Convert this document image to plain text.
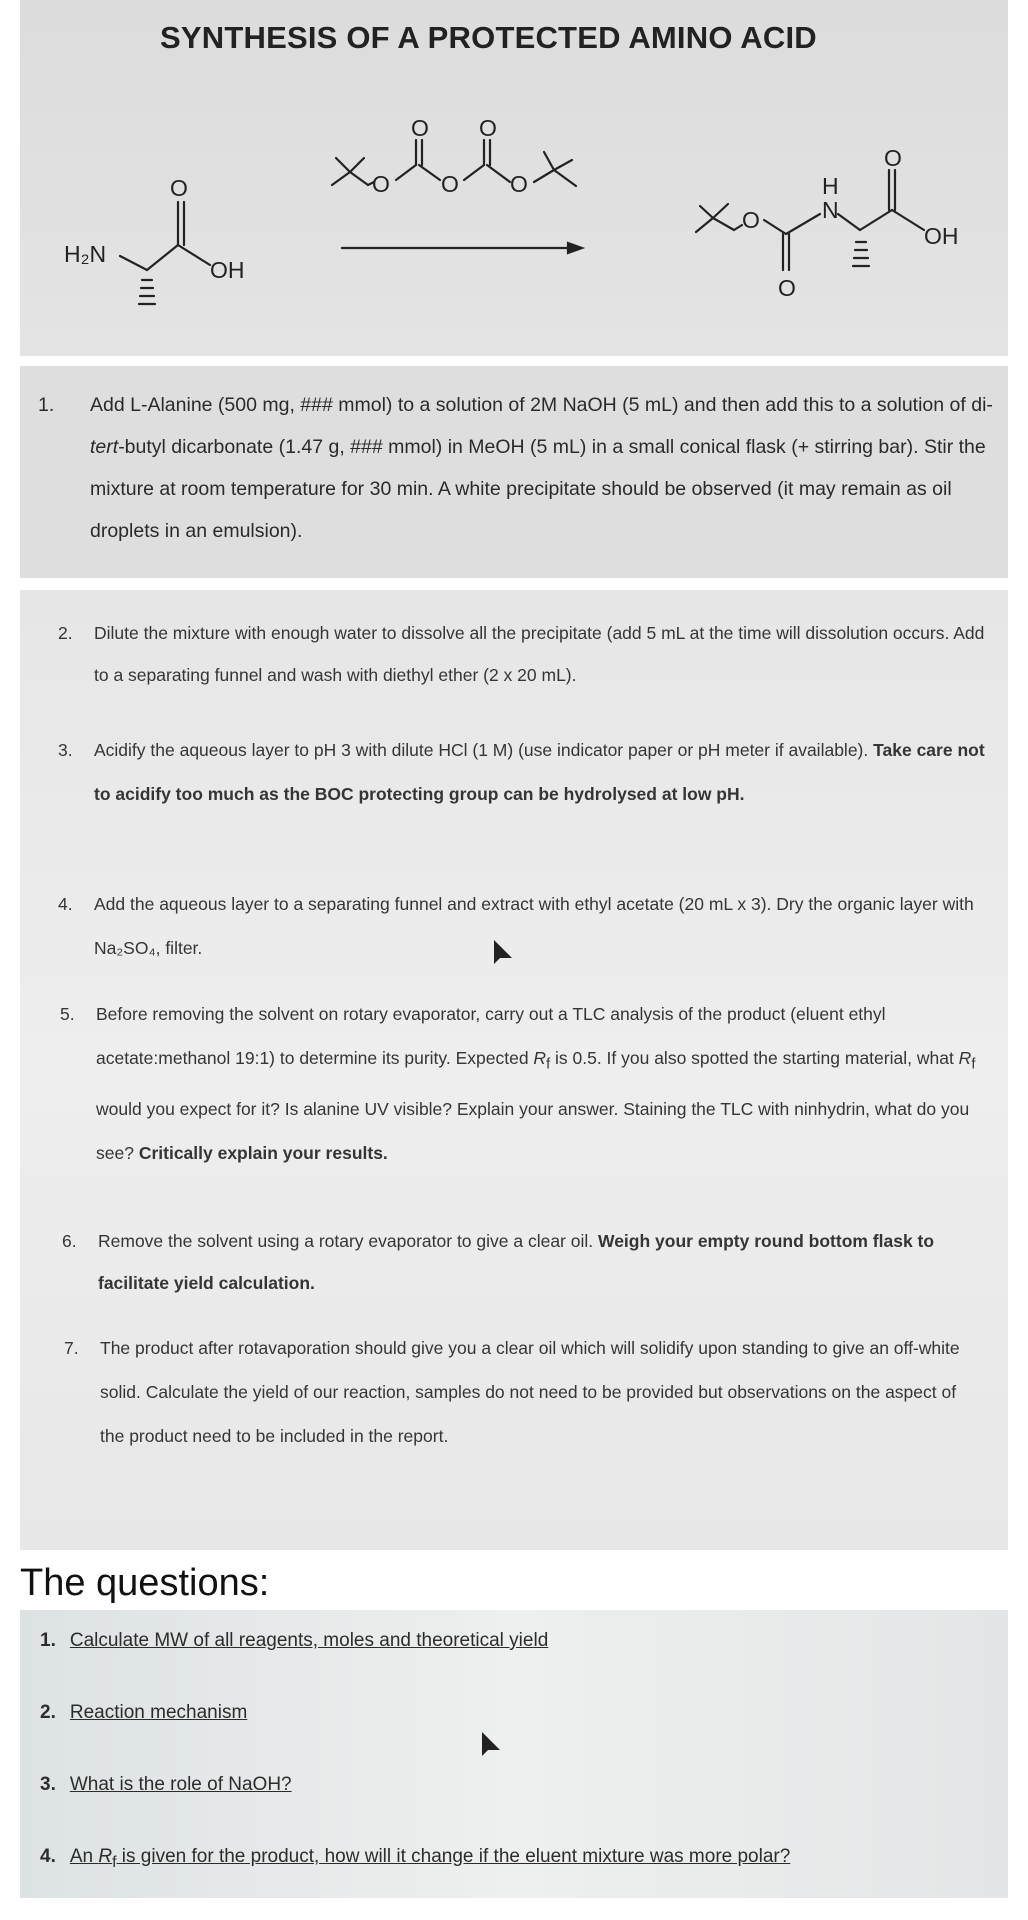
SYNTHESIS OF A PROTECTED AMINO ACID
H₂N
O
OH
O
O
O
O
O
O
O
H
N
O
OH
1.	Add L-Alanine (500 mg, ### mmol) to a solution of 2M NaOH (5 mL) and then add this to a solution of di-tert-butyl dicarbonate (1.47 g, ### mmol) in MeOH (5 mL) in a small conical flask (+ stirring bar). Stir the mixture at room temperature for 30 min. A white precipitate should be observed (it may remain as oil droplets in an emulsion).
2.	Dilute the mixture with enough water to dissolve all the precipitate (add 5 mL at the time will dissolution occurs. Add to a separating funnel and wash with diethyl ether (2 x 20 mL).
3.	Acidify the aqueous layer to pH 3 with dilute HCl (1 M) (use indicator paper or pH meter if available). Take care not to acidify too much as the BOC protecting group can be hydrolysed at low pH.
4.	Add the aqueous layer to a separating funnel and extract with ethyl acetate (20 mL x 3). Dry the organic layer with Na₂SO₄, filter.
5.	Before removing the solvent on rotary evaporator, carry out a TLC analysis of the product (eluent ethyl acetate:methanol 19:1) to determine its purity. Expected $R_f$ is 0.5. If you also spotted the starting material, what $R_f$ would you expect for it? Is alanine UV visible? Explain your answer. Staining the TLC with ninhydrin, what do you see? Critically explain your results.
6.	Remove the solvent using a rotary evaporator to give a clear oil. Weigh your empty round bottom flask to facilitate yield calculation.
7.	The product after rotavaporation should give you a clear oil which will solidify upon standing to give an off-white solid. Calculate the yield of our reaction, samples do not need to be provided but observations on the aspect of the product need to be included in the report.
The questions:
1. Calculate MW of all reagents, moles and theoretical yield
2. Reaction mechanism
3. What is the role of NaOH?
4. An $R_f$ is given for the product, how will it change if the eluent mixture was more polar?
